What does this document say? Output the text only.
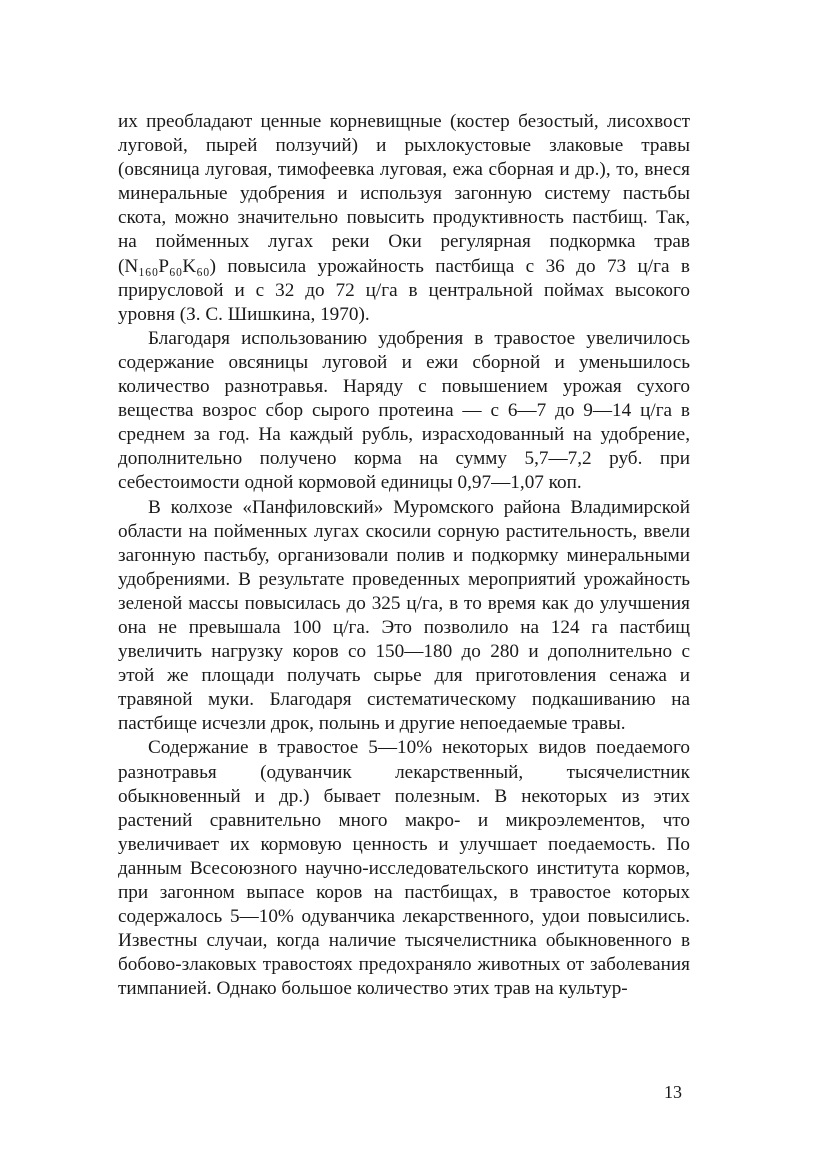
их преобладают ценные корневищные (костер безостый, лисохвост луговой, пырей ползучий) и рыхлокустовые злаковые травы (овсяница луговая, тимофеевка луговая, ежа сборная и др.), то, внеся минеральные удобрения и используя загонную систему пастьбы скота, можно значительно повысить продуктивность пастбищ. Так, на пойменных лугах реки Оки регулярная подкормка трав (N₁₆₀P₆₀K₆₀) повысила урожайность пастбища с 36 до 73 ц/га в прирусловой и с 32 до 72 ц/га в центральной поймах высокого уровня (З. С. Шишкина, 1970).

Благодаря использованию удобрения в травостое увеличилось содержание овсяницы луговой и ежи сборной и уменьшилось количество разнотравья. Наряду с повышением урожая сухого вещества возрос сбор сырого протеина — с 6—7 до 9—14 ц/га в среднем за год. На каждый рубль, израсходованный на удобрение, дополнительно получено корма на сумму 5,7—7,2 руб. при себестоимости одной кормовой единицы 0,97—1,07 коп.

В колхозе «Панфиловский» Муромского района Владимирской области на пойменных лугах скосили сорную растительность, ввели загонную пастьбу, организовали полив и подкормку минеральными удобрениями. В результате проведенных мероприятий урожайность зеленой массы повысилась до 325 ц/га, в то время как до улучшения она не превышала 100 ц/га. Это позволило на 124 га пастбищ увеличить нагрузку коров со 150—180 до 280 и дополнительно с этой же площади получать сырье для приготовления сенажа и травяной муки. Благодаря систематическому подкашиванию на пастбище исчезли дрок, полынь и другие непоедаемые травы.

Содержание в травостое 5—10% некоторых видов поедаемого разнотравья (одуванчик лекарственный, тысячелистник обыкновенный и др.) бывает полезным. В некоторых из этих растений сравнительно много макро- и микроэлементов, что увеличивает их кормовую ценность и улучшает поедаемость. По данным Всесоюзного научно-исследовательского института кормов, при загонном выпасе коров на пастбищах, в травостое которых содержалось 5—10% одуванчика лекарственного, удои повысились. Известны случаи, когда наличие тысячелистника обыкновенного в бобово-злаковых травостоях предохраняло животных от заболевания тимпанией. Однако большое количество этих трав на культур-

13
